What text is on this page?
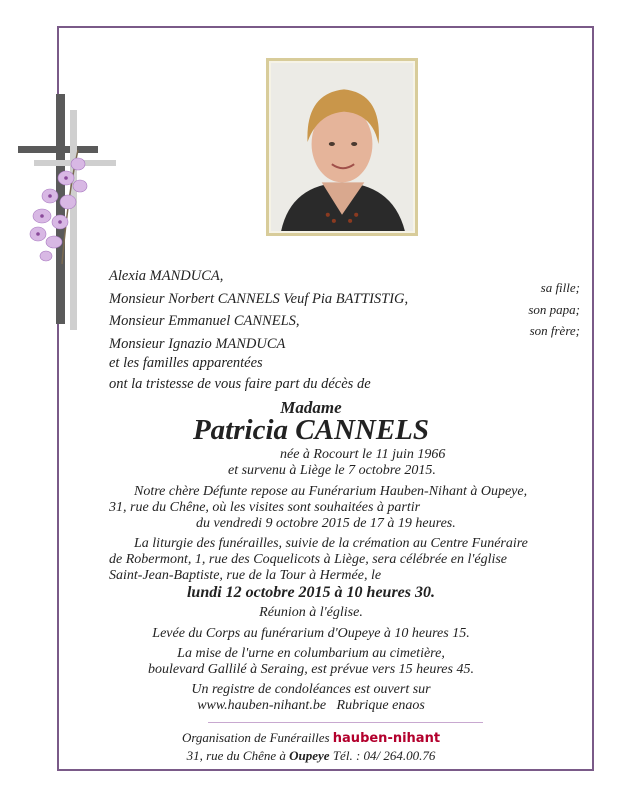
Alexia MANDUCA,
sa fille;
Monsieur Norbert CANNELS Veuf Pia BATTISTIG,
son papa;
Monsieur Emmanuel CANNELS,
son frère;
Monsieur Ignazio MANDUCA
et les familles apparentées
ont la tristesse de vous faire part du décès de
Madame
Patricia CANNELS
née à Rocourt le 11 juin 1966
et survenu à Liège le 7 octobre 2015.
Notre chère Défunte repose au Funérarium Hauben-Nihant à Oupeye,
31, rue du Chêne, où les visites sont souhaitées à partir
du vendredi 9 octobre 2015 de 17 à 19 heures.
La liturgie des funérailles, suivie de la crémation au Centre Funéraire
de Robermont, 1, rue des Coquelicots à Liège, sera célébrée en l'église
Saint-Jean-Baptiste, rue de la Tour à Hermée, le
lundi 12 octobre 2015 à 10 heures 30.
Réunion à l'église.
Levée du Corps au funérarium d'Oupeye à 10 heures 15.
La mise de l'urne en columbarium au cimetière,
boulevard Gallilé à Seraing, est prévue vers 15 heures 45.
Un registre de condoléances est ouvert sur
www.hauben-nihant.be Rubrique enaos
Organisation de Funérailles hauben-nihant
31, rue du Chêne à Oupeye Tél. : 04/ 264.00.76
